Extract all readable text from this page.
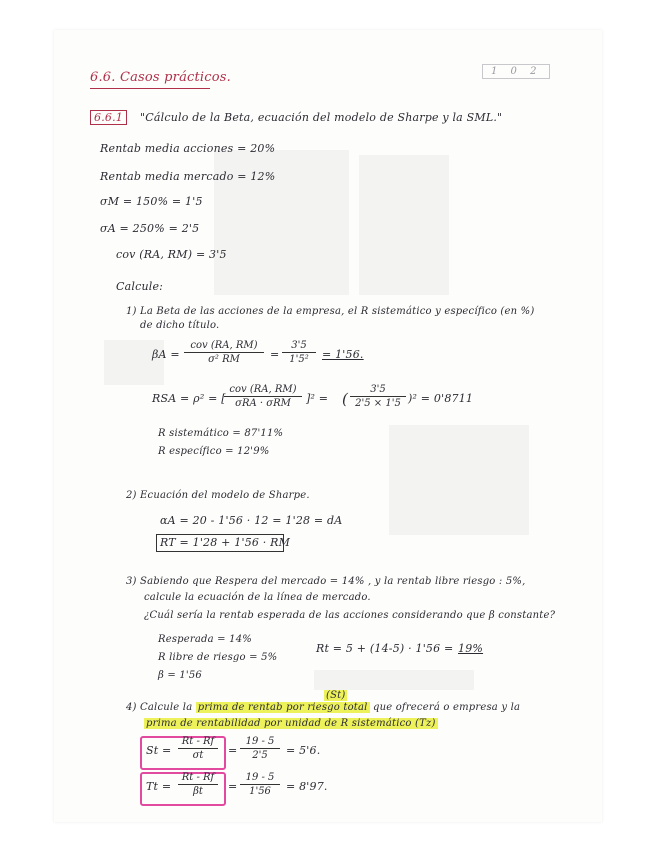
1 0 2
6.6. Casos prácticos.
6.6.1	"Cálculo de la Beta, ecuación del modelo de Sharpe y la SML."
Rentab media acciones = 20%
Rentab media mercado = 12%
σM = 150% = 1'5
σA = 250% = 2'5
cov (RA, RM) = 3'5
Calcule:
1) La Beta de las acciones de la empresa, el R sistemático y específico (en %)
de dicho título.
βA =
cov (RA, RM)
σ² RM	= $\frac{3'5}{\text{1'5²}} = 1'56$.
RSA = ρ² = [
cov (RA, RM)
σRA · σRM	]² = ( $\frac{3'5}{2'5 \times 1'5} )^2 = 0'8711$
R sistemático = 87'11%
R específico = 12'9%
2) Ecuación del modelo de Sharpe.
αA = 20 - 1'56 · 12 = 1'28 = dA
RT = 1'28 + 1'56 · RM
3) Sabiendo que Respera del mercado = 14% , y la rentab libre riesgo : 5%,
calcule la ecuación de la línea de mercado.
¿Cuál sería la rentab esperada de las acciones considerando que β constante?
Resperada = 14%
R libre de riesgo = 5%
β = 1'56
Rt = 5 + (14-5) · 1'56 = 19%
(St)
4) Calcule la prima de rentab por riesgo total que ofrecerá o empresa y la
prima de rentabilidad por unidad de R sistemático (Tz)
$St = \frac{Rt - Rf}{\sigma t} = \frac{19 - 5}{2'5} = 5'6$.
$Tt = \frac{Rt - Rf}{\beta t} = \frac{19 - 5}{1'56} = 8'97$.
